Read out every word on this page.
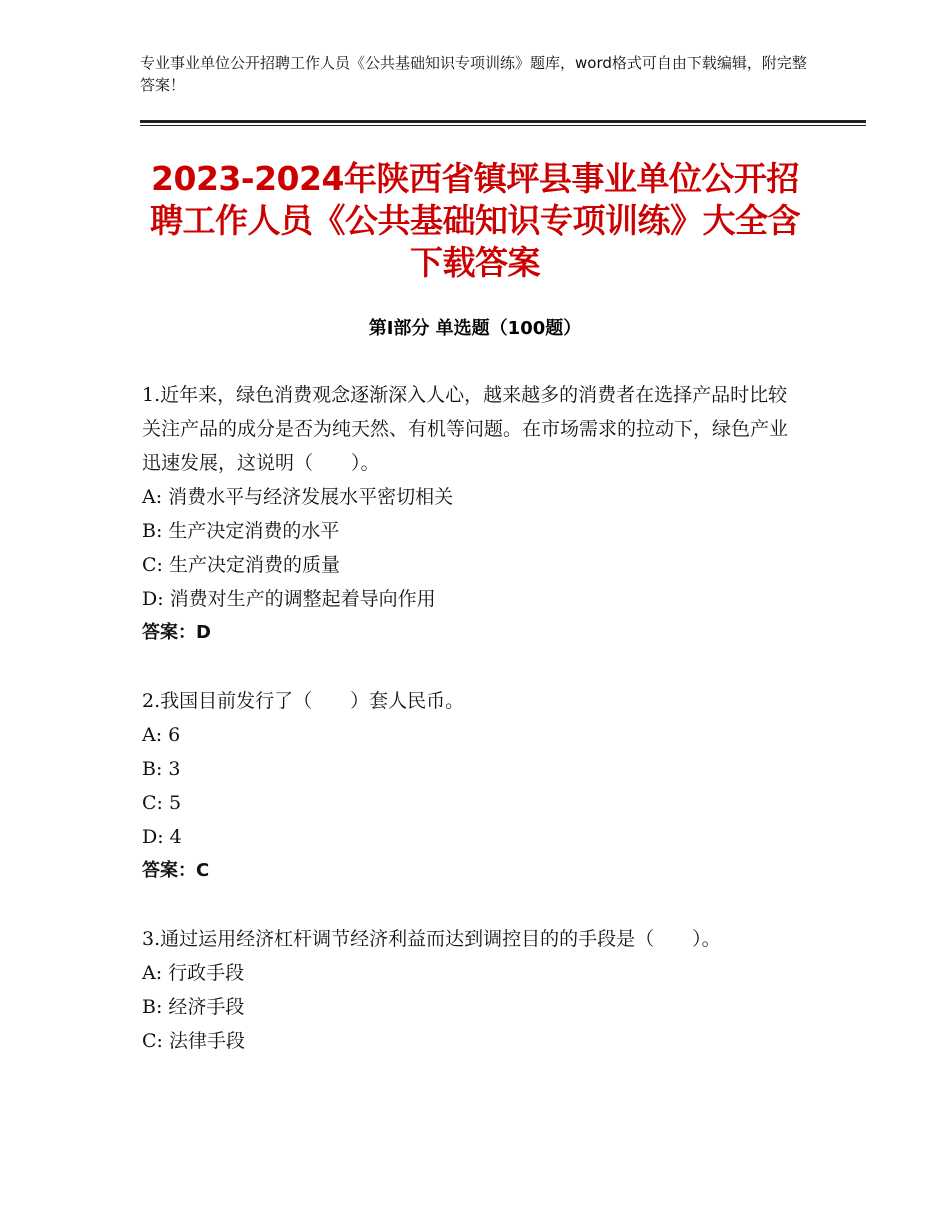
专业事业单位公开招聘工作人员《公共基础知识专项训练》题库，word格式可自由下载编辑，附完整答案！
2023-2024年陕西省镇坪县事业单位公开招聘工作人员《公共基础知识专项训练》大全含下载答案
第Ⅰ部分 单选题（100题）
1.近年来，绿色消费观念逐渐深入人心，越来越多的消费者在选择产品时比较关注产品的成分是否为纯天然、有机等问题。在市场需求的拉动下，绿色产业迅速发展，这说明（　　）。
A: 消费水平与经济发展水平密切相关
B: 生产决定消费的水平
C: 生产决定消费的质量
D: 消费对生产的调整起着导向作用
答案：D
2.我国目前发行了（　　）套人民币。
A: 6
B: 3
C: 5
D: 4
答案：C
3.通过运用经济杠杆调节经济利益而达到调控目的的手段是（　　）。
A: 行政手段
B: 经济手段
C: 法律手段
